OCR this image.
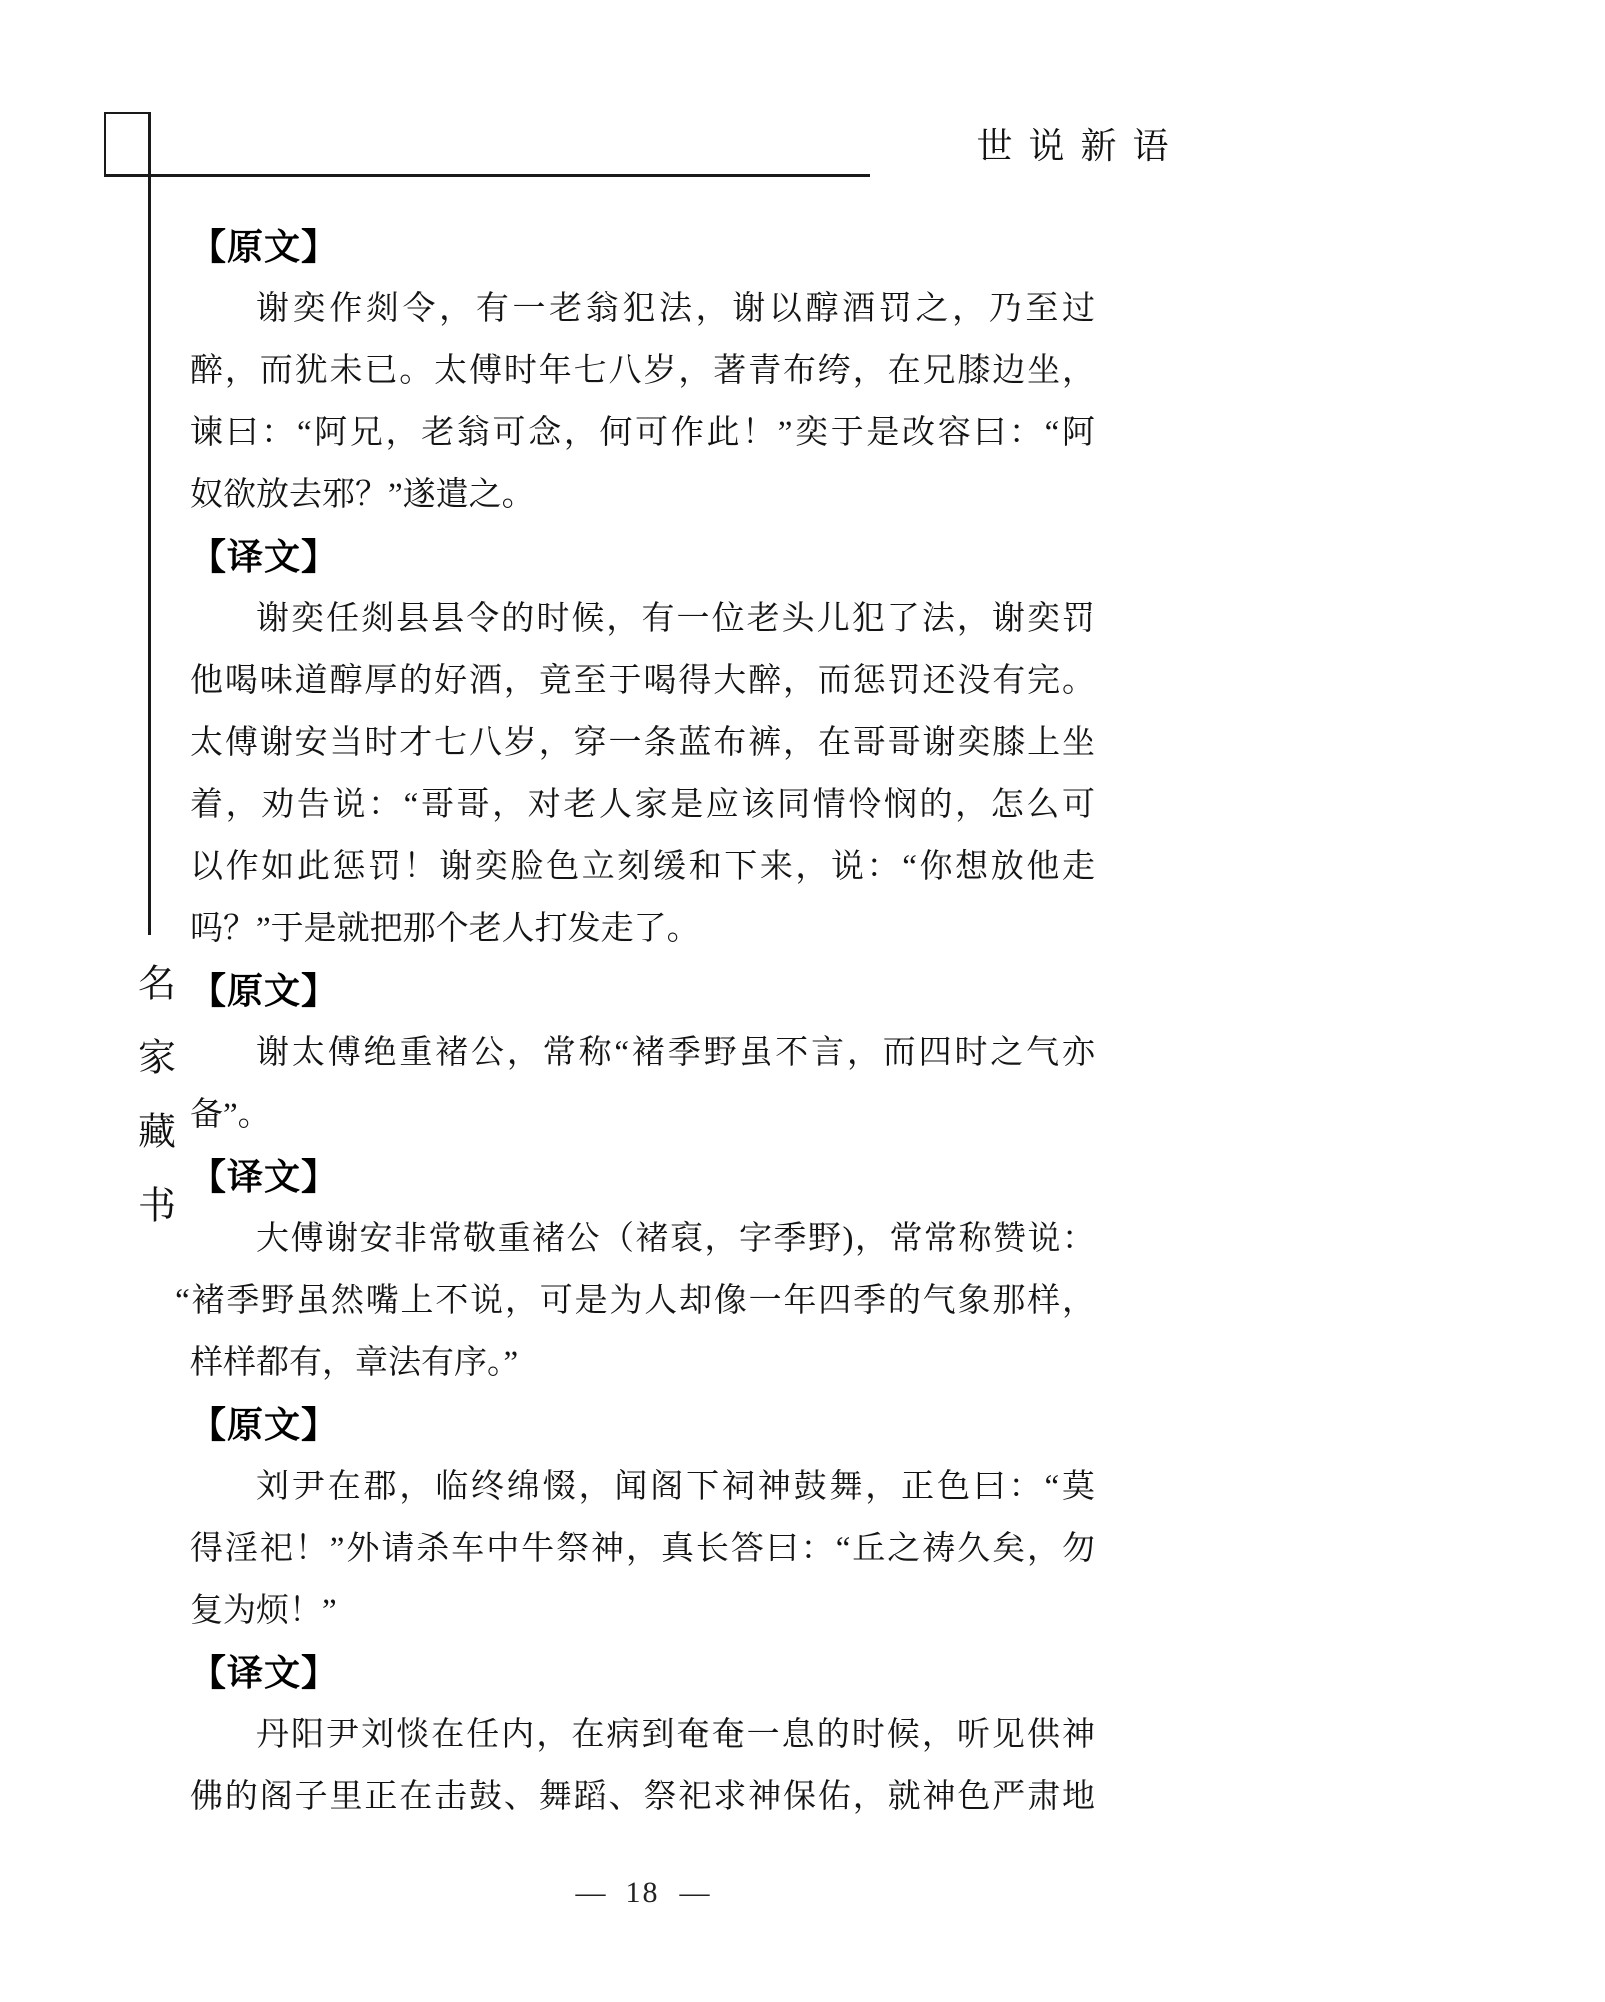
世说新语
名家藏书
【原文】
谢奕作剡令，有一老翁犯法，谢以醇酒罚之，乃至过
醉，而犹未已。太傅时年七八岁，著青布绔，在兄膝边坐，
谏曰：“阿兄，老翁可念，何可作此！”奕于是改容曰：“阿
奴欲放去邪？”遂遣之。
【译文】
谢奕任剡县县令的时候，有一位老头儿犯了法，谢奕罚
他喝味道醇厚的好酒，竟至于喝得大醉，而惩罚还没有完。
太傅谢安当时才七八岁，穿一条蓝布裤，在哥哥谢奕膝上坐
着，劝告说：“哥哥，对老人家是应该同情怜悯的，怎么可
以作如此惩罚！谢奕脸色立刻缓和下来，说：“你想放他走
吗？”于是就把那个老人打发走了。
【原文】
谢太傅绝重褚公，常称“褚季野虽不言，而四时之气亦
备”。
【译文】
大傅谢安非常敬重褚公（褚裒，字季野)，常常称赞说：
“褚季野虽然嘴上不说，可是为人却像一年四季的气象那样，
样样都有，章法有序。”
【原文】
刘尹在郡，临终绵惙，闻阁下祠神鼓舞，正色曰：“莫
得淫祀！”外请杀车中牛祭神，真长答曰：“丘之祷久矣，勿
复为烦！”
【译文】
丹阳尹刘惔在任内，在病到奄奄一息的时候，听见供神
佛的阁子里正在击鼓、舞蹈、祭祀求神保佑，就神色严肃地
— 18 —
